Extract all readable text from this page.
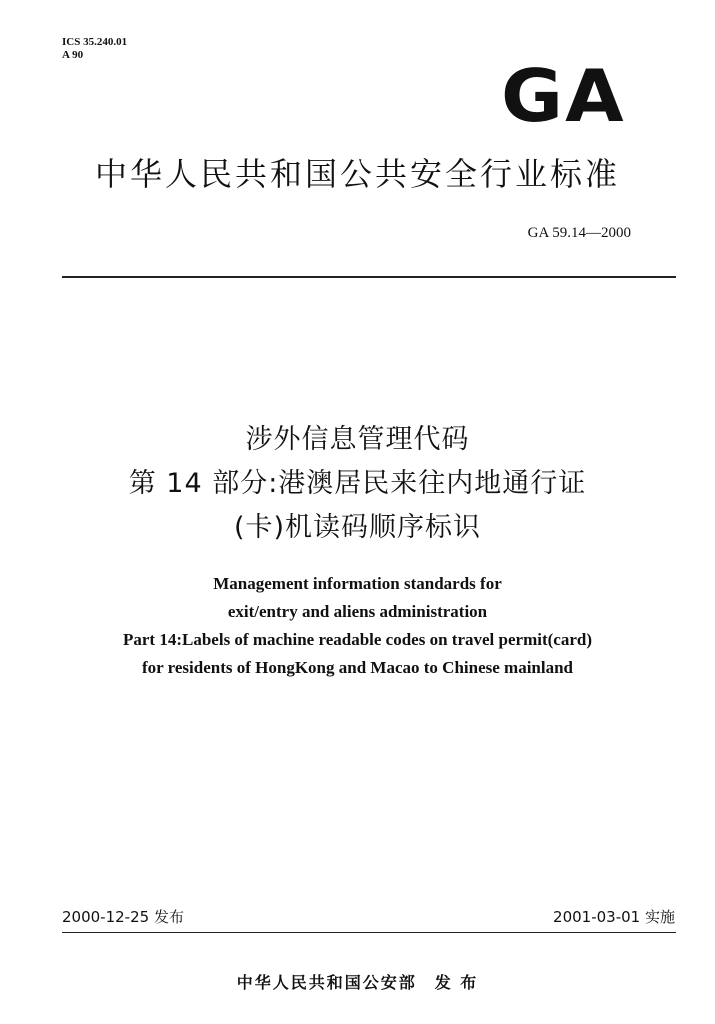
ICS 35.240.01
A 90	GA
中华人民共和国公共安全行业标准
GA 59.14—2000
涉外信息管理代码
第 14 部分:港澳居民来往内地通行证
(卡)机读码顺序标识
Management information standards for
exit/entry and aliens administration
Part 14:Labels of machine readable codes on travel permit(card)
for residents of HongKong and Macao to Chinese mainland
2000-12-25 发布	2001-03-01 实施
中华人民共和国公安部 发 布
